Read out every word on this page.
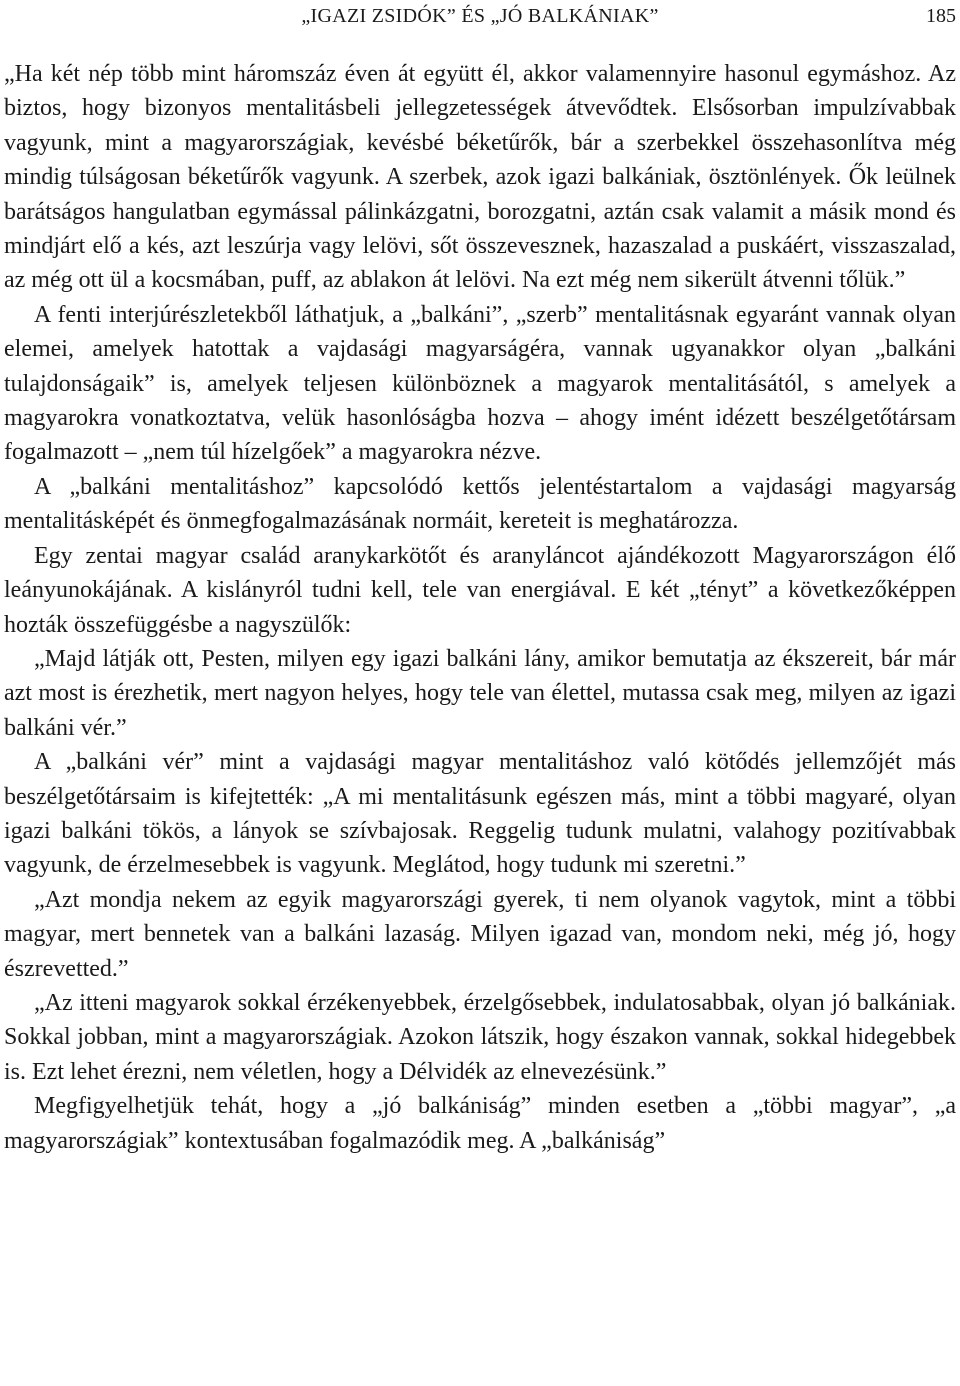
„IGAZI ZSIDÓK” ÉS „JÓ BALKÁNIAK”	185

„Ha két nép több mint háromszáz éven át együtt él, akkor valamennyire hasonul egymáshoz. Az biztos, hogy bizonyos mentalitásbeli jellegzetességek átvevődtek. Elsősorban impulzívabbak vagyunk, mint a magyarországiak, kevésbé béketűrők, bár a szerbekkel összehasonlítva még mindig túlságosan béketűrők vagyunk. A szerbek, azok igazi balkániak, ösztönlények. Ők leülnek barátságos hangulatban egymással pálinkázgatni, borozgatni, aztán csak valamit a másik mond és mindjárt elő a kés, azt leszúrja vagy lelövi, sőt összevesznek, hazaszalad a puskáért, visszaszalad, az még ott ül a kocsmában, puff, az ablakon át lelövi. Na ezt még nem sikerült átvenni tőlük.”

A fenti interjúrészletekből láthatjuk, a „balkáni”, „szerb” mentalitásnak egyaránt vannak olyan elemei, amelyek hatottak a vajdasági magyarságéra, vannak ugyanakkor olyan „balkáni tulajdonságaik” is, amelyek teljesen különböznek a magyarok mentalitásától, s amelyek a magyarokra vonatkoztatva, velük hasonlóságba hozva – ahogy imént idézett beszélgetőtársam fogalmazott – „nem túl hízelgőek” a magyarokra nézve.

A „balkáni mentalitáshoz” kapcsolódó kettős jelentéstartalom a vajdasági magyarság mentalitásképét és önmegfogalmazásának normáit, kereteit is meghatározza.

Egy zentai magyar család aranykarkötőt és aranyláncot ajándékozott Magyarországon élő leányunokájának. A kislányról tudni kell, tele van energiával. E két „tényt” a következőképpen hozták összefüggésbe a nagyszülők:

„Majd látják ott, Pesten, milyen egy igazi balkáni lány, amikor bemutatja az ékszereit, bár már azt most is érezhetik, mert nagyon helyes, hogy tele van élettel, mutassa csak meg, milyen az igazi balkáni vér.”

A „balkáni vér” mint a vajdasági magyar mentalitáshoz való kötődés jellemzőjét más beszélgetőtársaim is kifejtették: „A mi mentalitásunk egészen más, mint a többi magyaré, olyan igazi balkáni tökös, a lányok se szívbajosak. Reggelig tudunk mulatni, valahogy pozitívabbak vagyunk, de érzelmesebbek is vagyunk. Meglátod, hogy tudunk mi szeretni.”

„Azt mondja nekem az egyik magyarországi gyerek, ti nem olyanok vagytok, mint a többi magyar, mert bennetek van a balkáni lazaság. Milyen igazad van, mondom neki, még jó, hogy észrevetted.”

„Az itteni magyarok sokkal érzékenyebbek, érzelgősebbek, indulatosabbak, olyan jó balkániak. Sokkal jobban, mint a magyarországiak. Azokon látszik, hogy északon vannak, sokkal hidegebbek is. Ezt lehet érezni, nem véletlen, hogy a Délvidék az elnevezésünk.”

Megfigyelhetjük tehát, hogy a „jó balkániság” minden esetben a „többi magyar”, „a magyarországiak” kontextusában fogalmazódik meg. A „balkániság”
